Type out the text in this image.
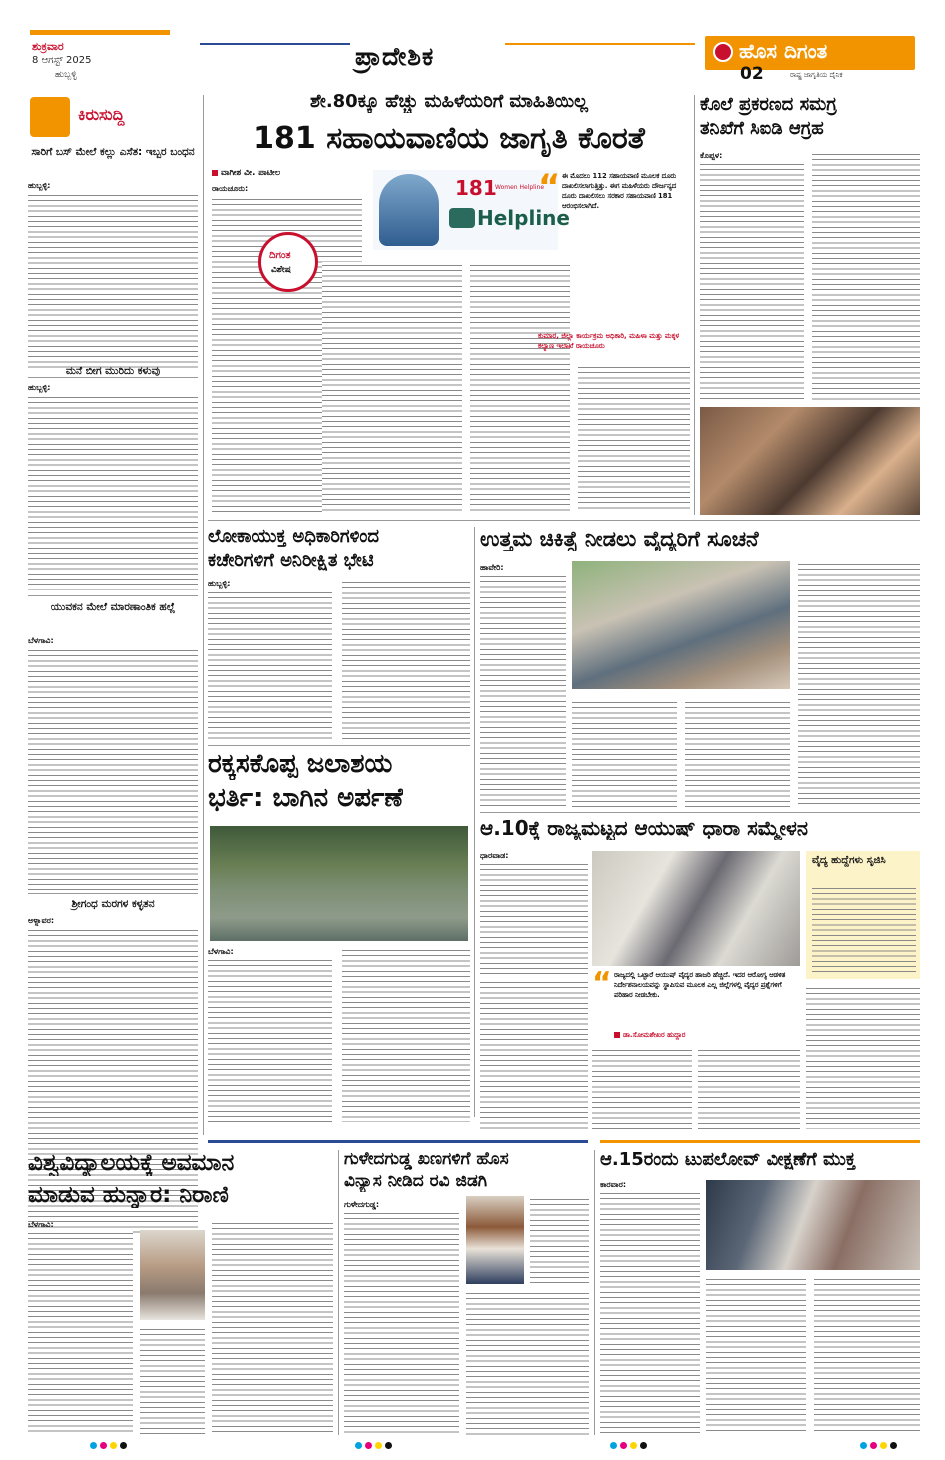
ಶುಕ್ರವಾರ
8 ಆಗಸ್ಟ್ 2025
ಹುಬ್ಬಳ್ಳಿ
ಪ್ರಾದೇಶಿಕ	ಹೊಸ ದಿಗಂತ
ರಾಷ್ಟ್ರ ಜಾಗೃತಿಯ ದೈನಿಕ
02
ಕಿರುಸುದ್ದಿ
ಸಾರಿಗೆ ಬಸ್ ಮೇಲೆ ಕಲ್ಲು ಎಸೆತ: ಇಬ್ಬರ ಬಂಧನ
ಹುಬ್ಬಳ್ಳಿ:
ಮನೆ ಬೀಗ ಮುರಿದು ಕಳುವು
ಹುಬ್ಬಳ್ಳಿ:
ಯುವಕನ ಮೇಲೆ ಮಾರಣಾಂತಿಕ ಹಲ್ಲೆ
ಬೆಳಗಾವಿ:
ಶ್ರೀಗಂಧ ಮರಗಳ ಕಳ್ಳತನ
ಅಳ್ನಾವರ:
ಶೇ.80ಕ್ಕೂ ಹೆಚ್ಚು ಮಹಿಳೆಯರಿಗೆ ಮಾಹಿತಿಯಿಲ್ಲ
181 ಸಹಾಯವಾಣಿಯ ಜಾಗೃತಿ ಕೊರತೆ
ವಾಗೀಶ ವೀ. ಪಾಟೀಲ
ರಾಯಚೂರು:	181
Women Helpline
Helpline
ದಿಗಂತ
ವಿಶೇಷ
“ ಈ ಮೊದಲು 112 ಸಹಾಯವಾಣಿ ಮೂಲಕ ದೂರು ದಾಖಲಿಸಲಾಗುತ್ತಿತ್ತು. ಈಗ ಮಹಿಳೆಯರು ದೌರ್ಜನ್ಯದ ದೂರು ದಾಖಲಿಸಲು ಸರಕಾರ ಸಹಾಯವಾಣಿ 181 ಆರಂಭಿಸಲಾಗಿದೆ.
ಕುಮಾರ, ಜಿಲ್ಲಾ ಕಾರ್ಯಕ್ರಮ ಅಧಿಕಾರಿ, ಮಹಿಳಾ ಮತ್ತು ಮಕ್ಕಳ ಕಲ್ಯಾಣ ಇಲಾಖೆ ರಾಯಚೂರು
ಕೊಲೆ ಪ್ರಕರಣದ ಸಮಗ್ರ
ತನಿಖೆಗೆ ಸಿಐಡಿ ಆಗ್ರಹ
ಕೊಪ್ಪಳ:
ಲೋಕಾಯುಕ್ತ ಅಧಿಕಾರಿಗಳಿಂದ
ಕಚೇರಿಗಳಿಗೆ ಅನಿರೀಕ್ಷಿತ ಭೇಟಿ
ಹುಬ್ಬಳ್ಳಿ:
ಉತ್ತಮ ಚಿಕಿತ್ಸೆ ನೀಡಲು ವೈದ್ಯರಿಗೆ ಸೂಚನೆ
ಹಾವೇರಿ:
ರಕ್ಕಸಕೊಪ್ಪ ಜಲಾಶಯ
ಭರ್ತಿ: ಬಾಗಿನ ಅರ್ಪಣೆ
ಬೆಳಗಾವಿ:
ಆ.10ಕ್ಕೆ ರಾಜ್ಯಮಟ್ಟದ ಆಯುಷ್ ಧಾರಾ ಸಮ್ಮೇಳನ
ಧಾರವಾಡ:
“ ರಾಜ್ಯದಲ್ಲಿ ಒಟ್ಟಾರೆ ಆಯುಷ್ ವೈದ್ಯರ ಹಾಜರಿ ಹೆಚ್ಚಿದೆ. ಇದರ ಆರೋಗ್ಯ ಆಡಳಿತ ನಿರ್ದೇಶನಾಲಯವನ್ನು ಸ್ಥಾಪಿಸುವ ಮೂಲಕ ಎಲ್ಲ ಜಿಲ್ಲೆಗಳಲ್ಲಿ ವೈದ್ಯರ ಪ್ರಶ್ನೆಗಳಿಗೆ ಪರಿಹಾರ ನೀಡಬೇಕು.
ಡಾ.ಸೋಮಶೇಖರ ಹುದ್ದಾರ
ವೈದ್ಯ ಹುದ್ದೆಗಳು ಸೃಜಿಸಿ
ವಿಶ್ವವಿದ್ಯಾಲಯಕ್ಕೆ ಅವಮಾನ
ಮಾಡುವ ಹುನ್ನಾರ: ನಿರಾಣಿ
ಬೆಳಗಾವಿ:
ಗುಳೇದಗುಡ್ಡ ಖಣಗಳಿಗೆ ಹೊಸ
ವಿನ್ಯಾಸ ನೀಡಿದ ರವಿ ಜಿಡಗಿ
ಗುಳೇದಗುಡ್ಡ:
ಆ.15ರಂದು ಟುಪಲೋವ್ ವೀಕ್ಷಣೆಗೆ ಮುಕ್ತ
ಕಾರವಾರ:
